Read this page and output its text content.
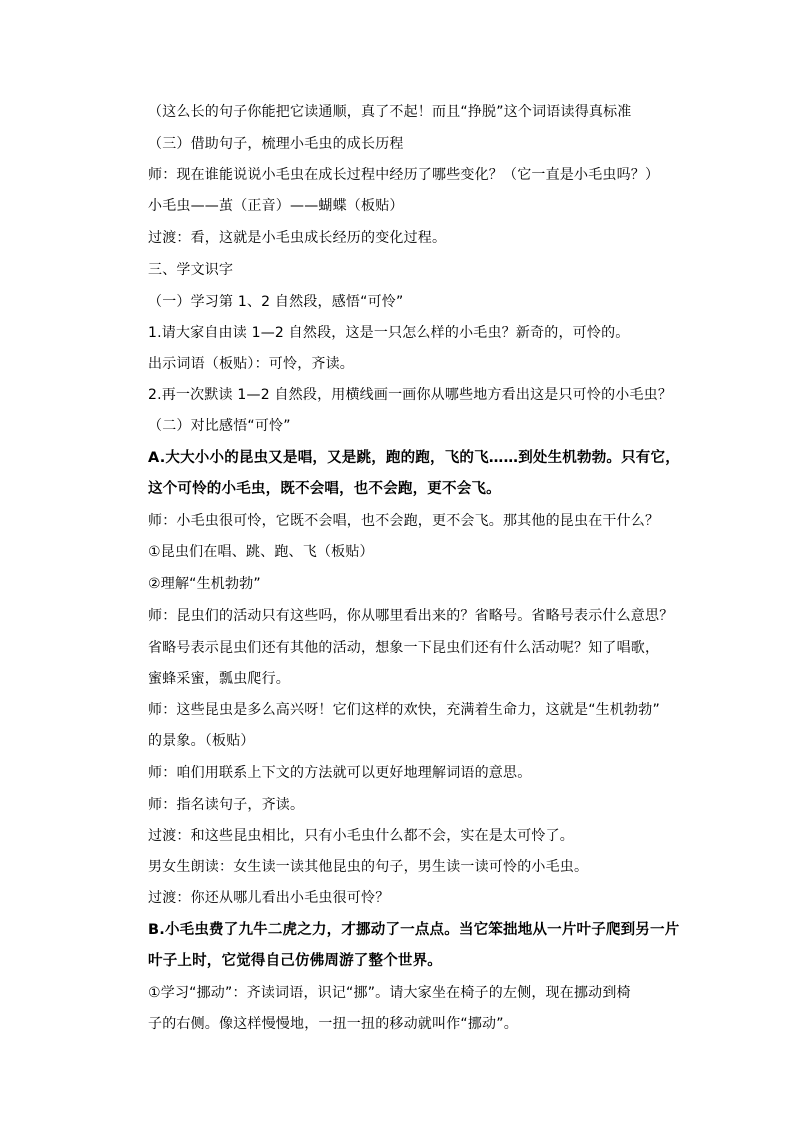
（这么长的句子你能把它读通顺，真了不起！而且“挣脱”这个词语读得真标准
（三）借助句子，梳理小毛虫的成长历程
师：现在谁能说说小毛虫在成长过程中经历了哪些变化？（它一直是小毛虫吗？）
小毛虫——茧（正音）——蝴蝶（板贴）
过渡：看，这就是小毛虫成长经历的变化过程。
三、学文识字
（一）学习第 1、2 自然段，感悟“可怜”
1.请大家自由读 1—2 自然段，这是一只怎么样的小毛虫？新奇的，可怜的。
出示词语（板贴）：可怜，齐读。
2.再一次默读 1—2 自然段，用横线画一画你从哪些地方看出这是只可怜的小毛虫？
（二）对比感悟“可怜”
A.大大小小的昆虫又是唱，又是跳，跑的跑，飞的飞……到处生机勃勃。只有它，
这个可怜的小毛虫，既不会唱，也不会跑，更不会飞。
师：小毛虫很可怜，它既不会唱，也不会跑，更不会飞。那其他的昆虫在干什么？
①昆虫们在唱、跳、跑、飞（板贴）
②理解“生机勃勃”
师：昆虫们的活动只有这些吗，你从哪里看出来的？省略号。省略号表示什么意思？
省略号表示昆虫们还有其他的活动，想象一下昆虫们还有什么活动呢？知了唱歌，
蜜蜂采蜜，瓢虫爬行。
师：这些昆虫是多么高兴呀！它们这样的欢快，充满着生命力，这就是“生机勃勃”
的景象。（板贴）
师：咱们用联系上下文的方法就可以更好地理解词语的意思。
师：指名读句子，齐读。
过渡：和这些昆虫相比，只有小毛虫什么都不会，实在是太可怜了。
男女生朗读：女生读一读其他昆虫的句子，男生读一读可怜的小毛虫。
过渡：你还从哪儿看出小毛虫很可怜？
B.小毛虫费了九牛二虎之力，才挪动了一点点。当它笨拙地从一片叶子爬到另一片
叶子上时，它觉得自己仿佛周游了整个世界。
①学习“挪动”：齐读词语，识记“挪”。请大家坐在椅子的左侧，现在挪动到椅
子的右侧。像这样慢慢地，一扭一扭的移动就叫作“挪动”。
